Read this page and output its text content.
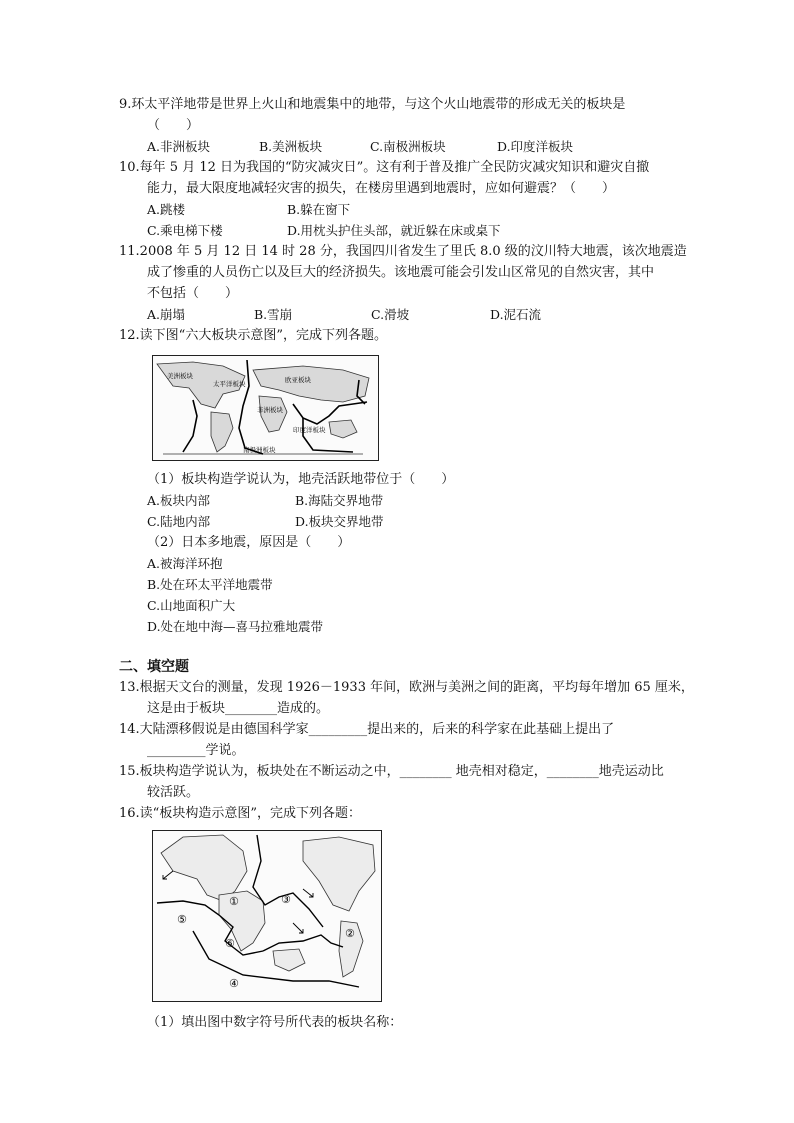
9.环太平洋地带是世界上火山和地震集中的地带，与这个火山地震带的形成无关的板块是
（　　）
A.非洲板块	B.美洲板块	C.南极洲板块	D.印度洋板块
10.每年 5 月 12 日为我国的“防灾减灾日”。这有利于普及推广全民防灾减灾知识和避灾自撤
能力，最大限度地减轻灾害的损失，在楼房里遇到地震时，应如何避震？（　　）
A.跳楼	B.躲在窗下
C.乘电梯下楼	D.用枕头护住头部，就近躲在床或桌下
11.2008 年 5 月 12 日 14 时 28 分，我国四川省发生了里氏 8.0 级的汶川特大地震，该次地震造
成了惨重的人员伤亡以及巨大的经济损失。该地震可能会引发山区常见的自然灾害，其中
不包括（　　）
A.崩塌	B.雪崩	C.滑坡	D.泥石流
12.读下图“六大板块示意图”，完成下列各题。
欧亚板块
美洲板块
非洲板块
印度洋板块
太平洋板块
南极洲板块
（1）板块构造学说认为，地壳活跃地带位于（　　）
A.板块内部	B.海陆交界地带
C.陆地内部	D.板块交界地带
（2）日本多地震，原因是（　　）
A.被海洋环抱
B.处在环太平洋地震带
C.山地面积广大
D.处在地中海—喜马拉雅地震带
二、填空题
13.根据天文台的测量，发现 1926－1933 年间，欧洲与美洲之间的距离，平均每年增加 65 厘米，
这是由于板块________造成的。
14.大陆漂移假说是由德国科学家_________提出来的，后来的科学家在此基础上提出了
_________学说。
15.板块构造学说认为，板块处在不断运动之中，________ 地壳相对稳定，________地壳运动比
较活跃。
16.读“板块构造示意图”，完成下列各题：
①
②
③
④
⑤
⑥
（1）填出图中数字符号所代表的板块名称：
